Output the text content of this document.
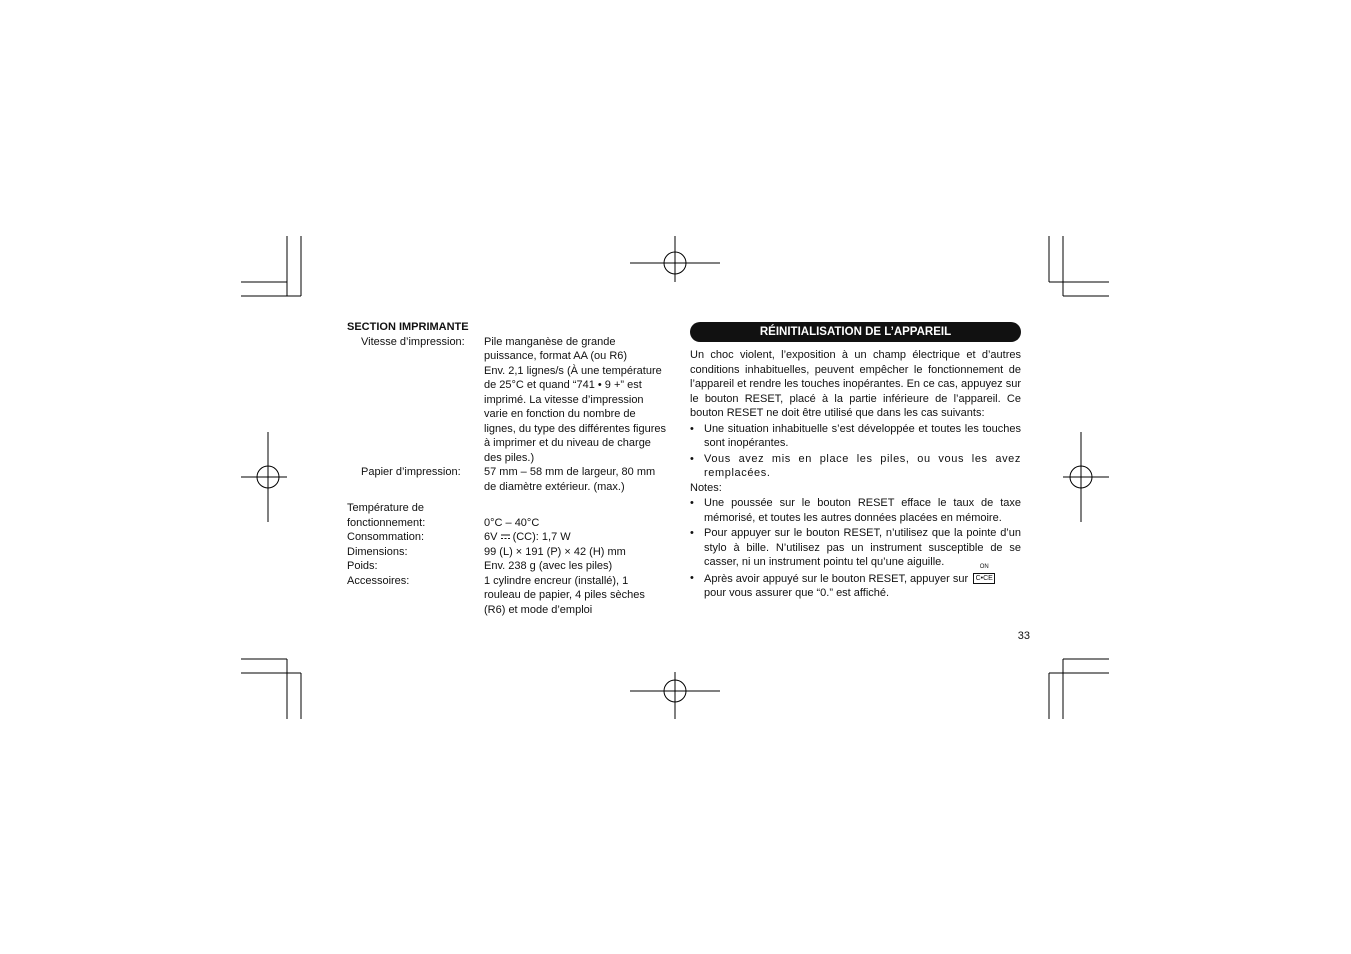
SECTION IMPRIMANTE

Vitesse d’impression:	Pile manganèse de grande
puissance, format AA (ou R6)
Env. 2,1 lignes/s (À une température
de 25°C et quand “741 • 9 +” est
imprimé. La vitesse d’impression
varie en fonction du nombre de
lignes, du type des différentes figures
à imprimer et du niveau de charge
des piles.)
Papier d’impression:	57 mm – 58 mm de largeur, 80 mm
de diamètre extérieur. (max.)
Température de
fonctionnement:	0°C – 40°C
Consommation:	6V  (CC): 1,7 W
Dimensions:	99 (L) × 191 (P) × 42 (H) mm
Poids:	Env. 238 g (avec les piles)
Accessoires:	1 cylindre encreur (installé), 1
rouleau de papier, 4 piles sèches
(R6) et mode d’emploi
RÉINITIALISATION DE L’APPAREIL

Un choc violent, l’exposition à un champ électrique et d’autres conditions inhabituelles, peuvent empêcher le fonctionnement de l’appareil et rendre les touches inopérantes. En ce cas, appuyez sur le bouton RESET, placé à la partie inférieure de l’appareil. Ce bouton RESET ne doit être utilisé que dans les cas suivants:

• Une situation inhabituelle s’est développée et toutes les touches sont inopérantes.
• Vous avez mis en place les piles, ou vous les avez remplacées.
Notes:
• Une poussée sur le bouton RESET efface le taux de taxe mémorisé, et toutes les autres données placées en mémoire.
• Pour appuyer sur le bouton RESET, n’utilisez que la pointe d’un stylo à bille. N’utilisez pas un instrument susceptible de se casser, ni un instrument pointu tel qu’une aiguille.
• Après avoir appuyé sur le bouton RESET, appuyer sur $\frac{ON}{C•CE}$

pour vous assurer que “0.” est affiché.
33
